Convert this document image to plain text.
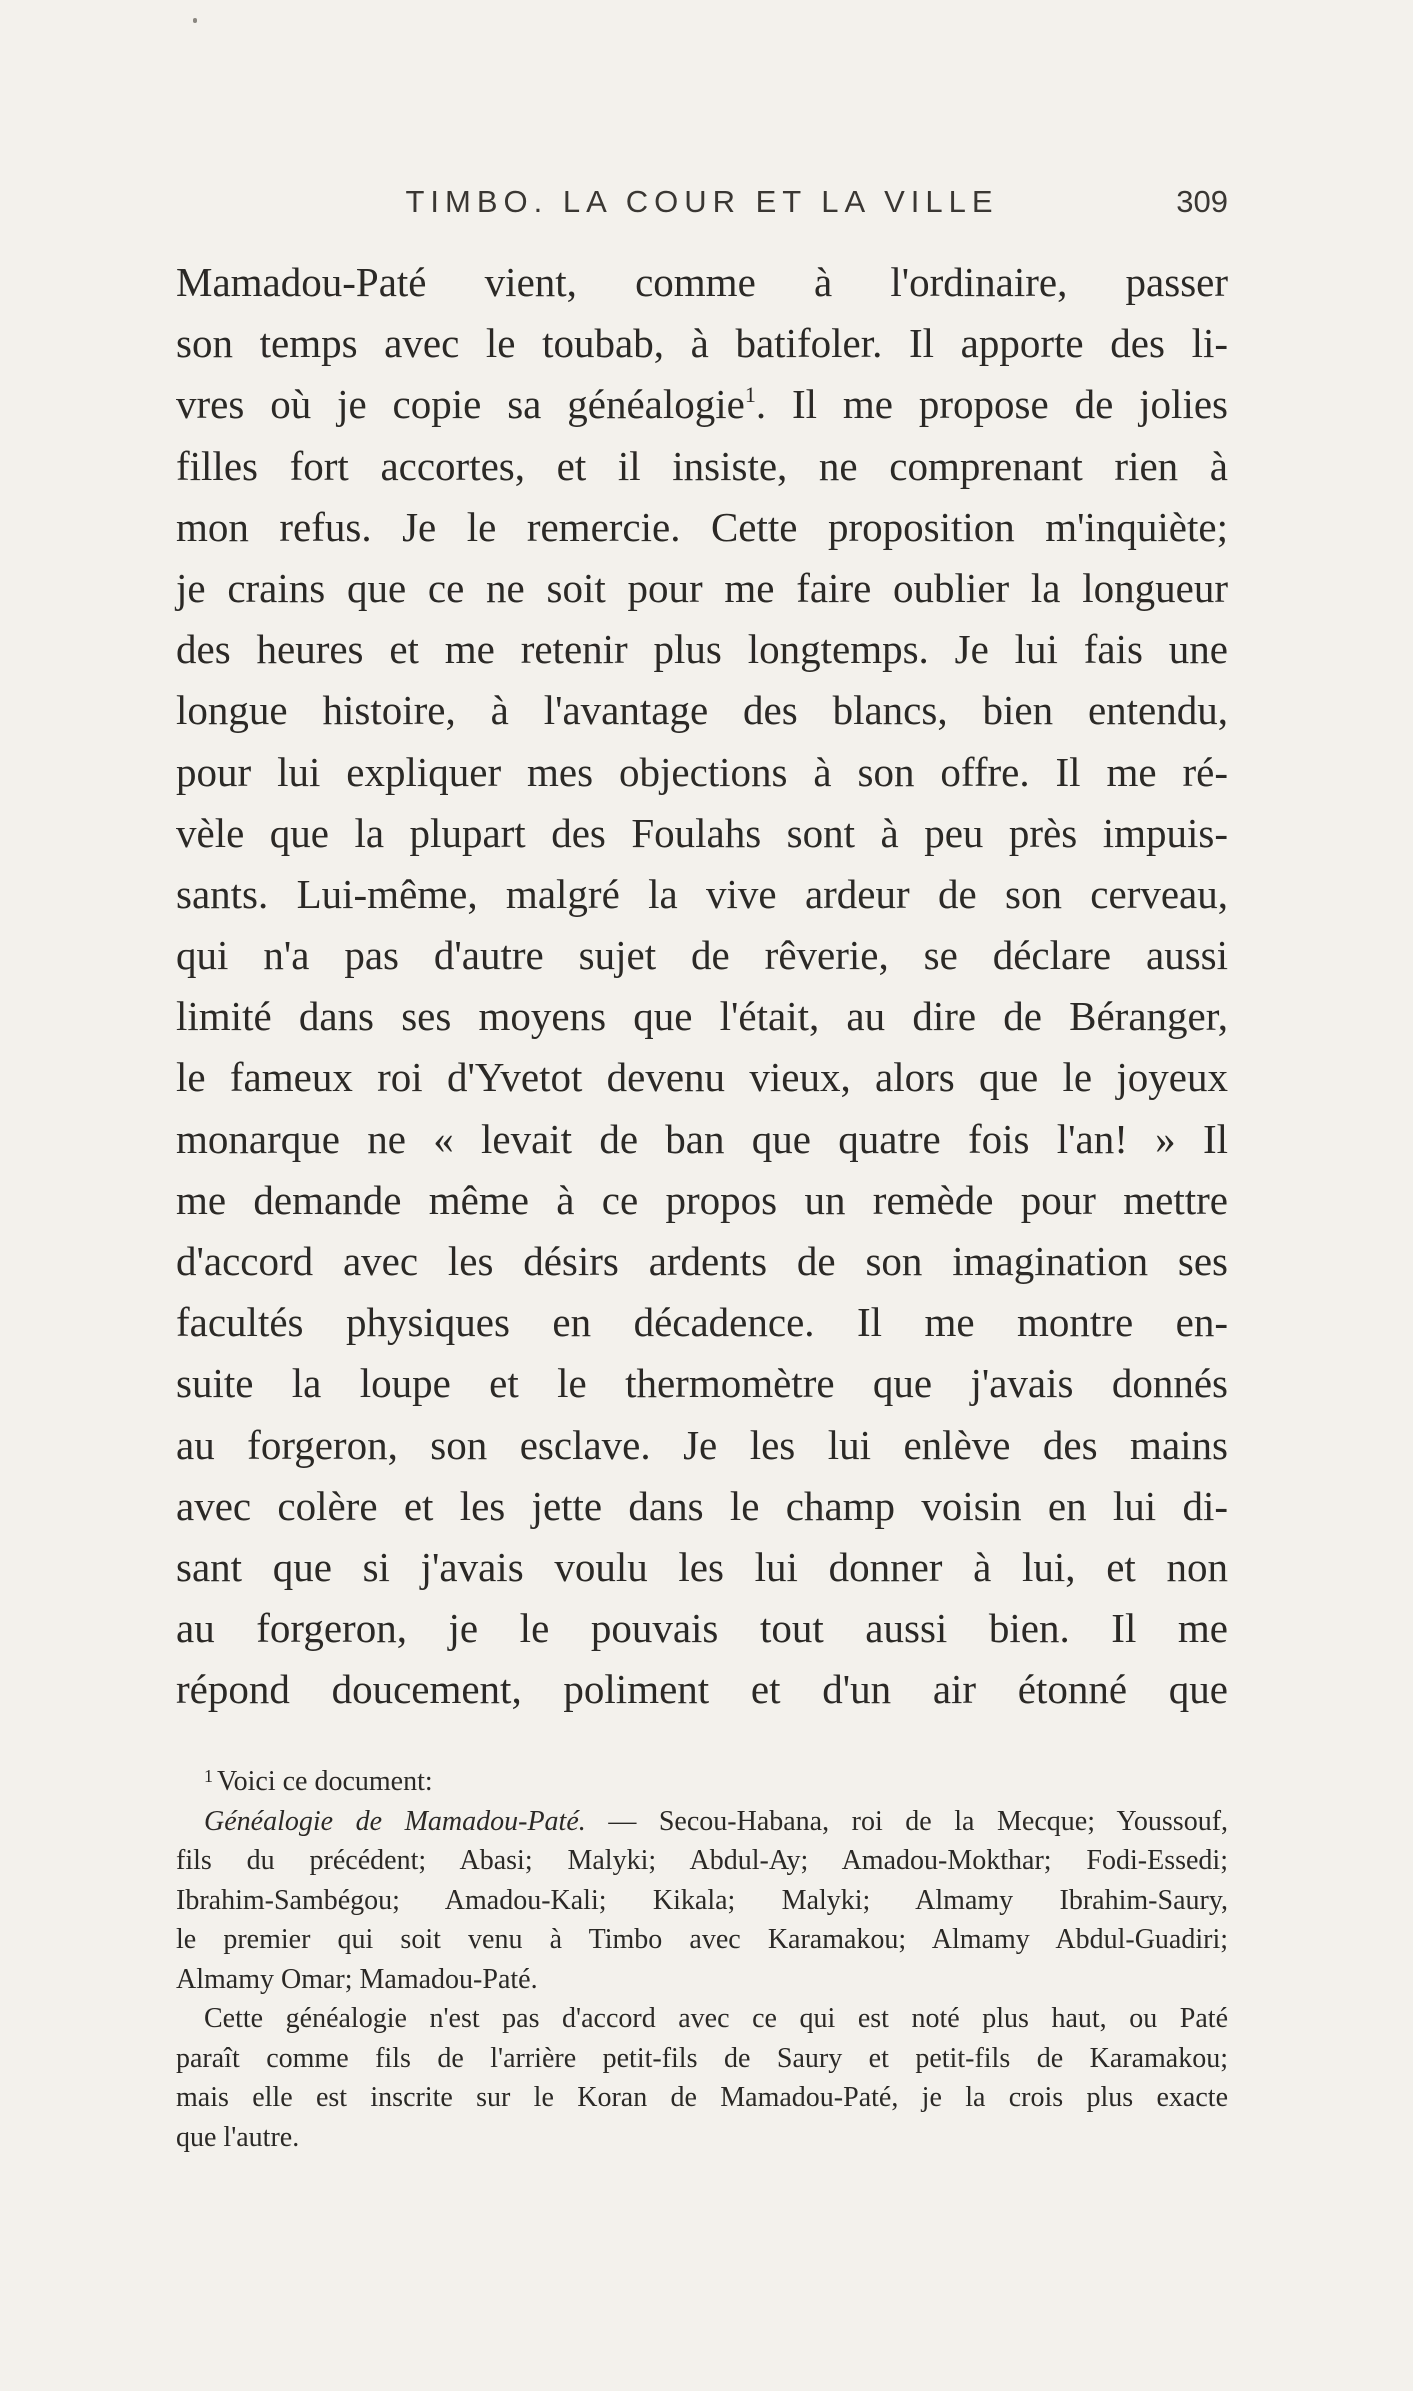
TIMBO. LA COUR ET LA VILLE	309
Mamadou-Paté vient, comme à l'ordinaire, passer
son temps avec le toubab, à batifoler. Il apporte des li-
vres où je copie sa généalogie$^1$. Il me propose de jolies
filles fort accortes, et il insiste, ne comprenant rien à
mon refus. Je le remercie. Cette proposition m'inquiète;
je crains que ce ne soit pour me faire oublier la longueur
des heures et me retenir plus longtemps. Je lui fais une
longue histoire, à l'avantage des blancs, bien entendu,
pour lui expliquer mes objections à son offre. Il me ré-
vèle que la plupart des Foulahs sont à peu près impuis-
sants. Lui-même, malgré la vive ardeur de son cerveau,
qui n'a pas d'autre sujet de rêverie, se déclare aussi
limité dans ses moyens que l'était, au dire de Béranger,
le fameux roi d'Yvetot devenu vieux, alors que le joyeux
monarque ne « levait de ban que quatre fois l'an! » Il
me demande même à ce propos un remède pour mettre
d'accord avec les désirs ardents de son imagination ses
facultés physiques en décadence. Il me montre en-
suite la loupe et le thermomètre que j'avais donnés
au forgeron, son esclave. Je les lui enlève des mains
avec colère et les jette dans le champ voisin en lui di-
sant que si j'avais voulu les lui donner à lui, et non
au forgeron, je le pouvais tout aussi bien. Il me
répond doucement, poliment et d'un air étonné que
$^1$ Voici ce document:
Généalogie de Mamadou-Paté. — Secou-Habana, roi de la Mecque; Youssouf,
fils du précédent; Abasi; Malyki; Abdul-Ay; Amadou-Mokthar; Fodi-Essedi;
Ibrahim-Sambégou; Amadou-Kali; Kikala; Malyki; Almamy Ibrahim-Saury,
le premier qui soit venu à Timbo avec Karamakou; Almamy Abdul-Guadiri;
Almamy Omar; Mamadou-Paté.
Cette généalogie n'est pas d'accord avec ce qui est noté plus haut, ou Paté
paraît comme fils de l'arrière petit-fils de Saury et petit-fils de Karamakou;
mais elle est inscrite sur le Koran de Mamadou-Paté, je la crois plus exacte
que l'autre.
